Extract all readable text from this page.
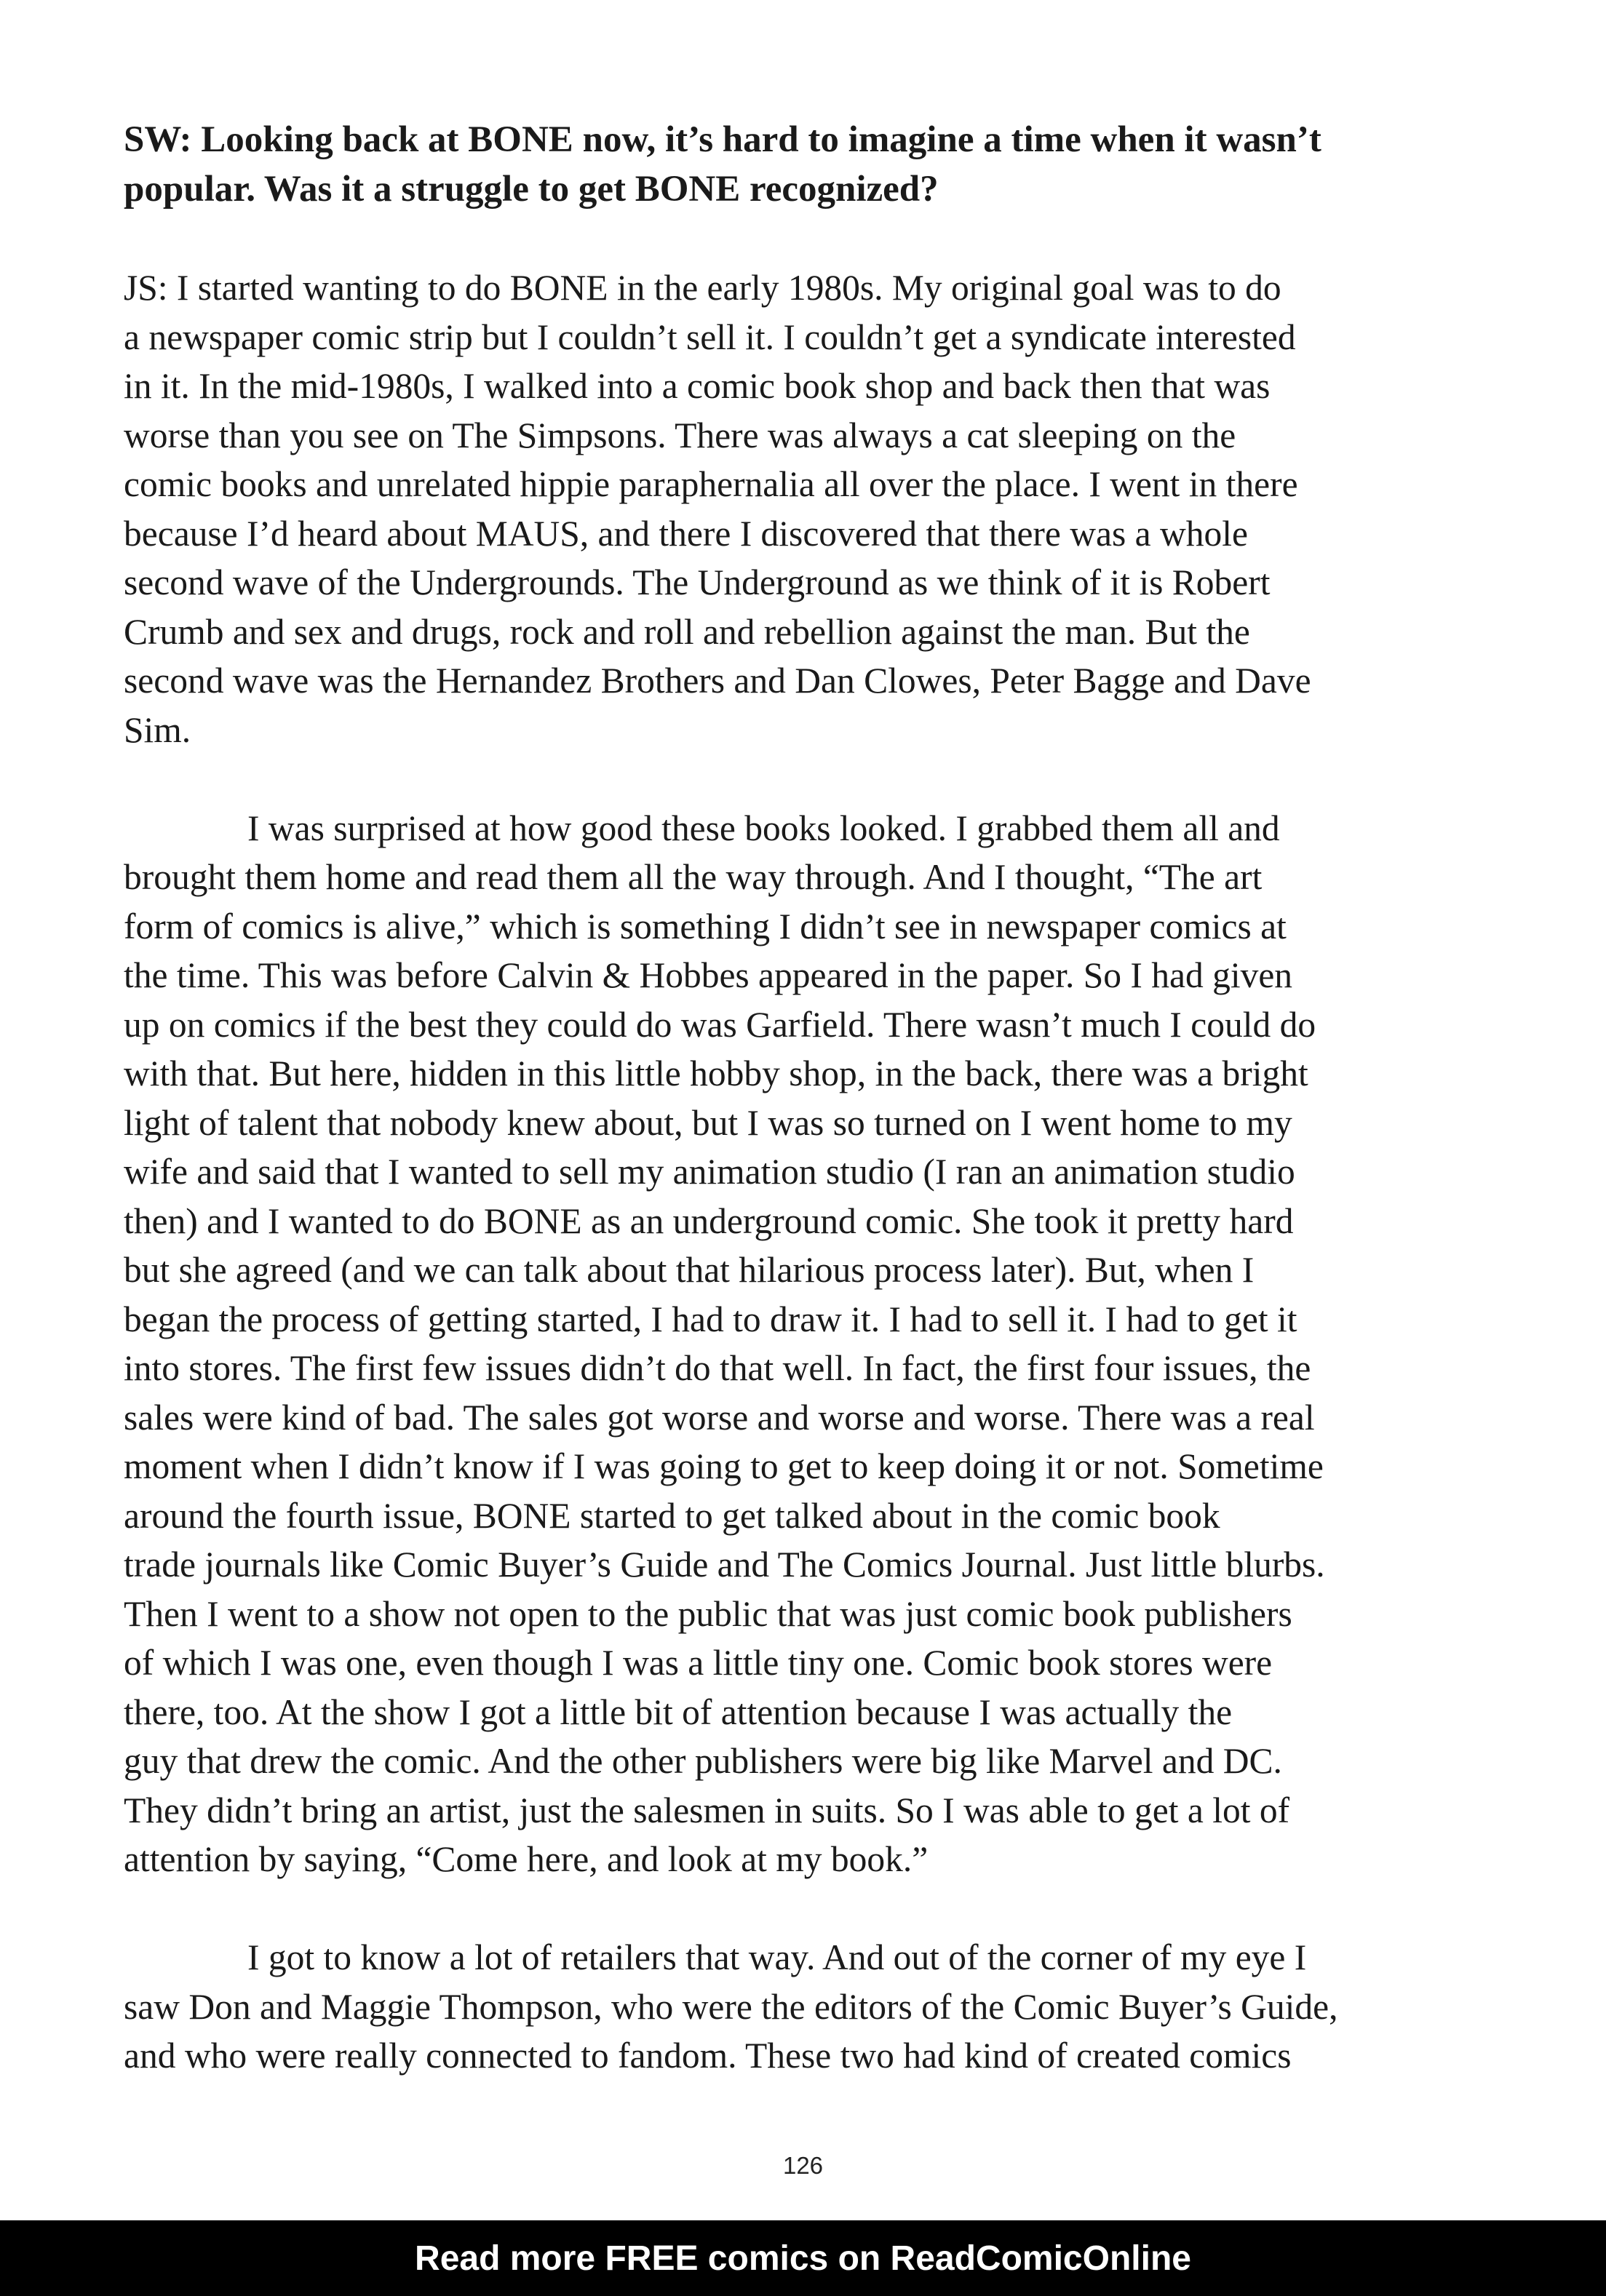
SW: Looking back at BONE now, it’s hard to imagine a time when it wasn’t
popular. Was it a struggle to get BONE recognized?
JS: I started wanting to do BONE in the early 1980s. My original goal was to do
a newspaper comic strip but I couldn’t sell it. I couldn’t get a syndicate interested
in it. In the mid-1980s, I walked into a comic book shop and back then that was
worse than you see on The Simpsons. There was always a cat sleeping on the
comic books and unrelated hippie paraphernalia all over the place. I went in there
because I’d heard about MAUS, and there I discovered that there was a whole
second wave of the Undergrounds. The Underground as we think of it is Robert
Crumb and sex and drugs, rock and roll and rebellion against the man. But the
second wave was the Hernandez Brothers and Dan Clowes, Peter Bagge and Dave
Sim.
I was surprised at how good these books looked. I grabbed them all and
brought them home and read them all the way through. And I thought, “The art
form of comics is alive,” which is something I didn’t see in newspaper comics at
the time. This was before Calvin & Hobbes appeared in the paper. So I had given
up on comics if the best they could do was Garfield. There wasn’t much I could do
with that. But here, hidden in this little hobby shop, in the back, there was a bright
light of talent that nobody knew about, but I was so turned on I went home to my
wife and said that I wanted to sell my animation studio (I ran an animation studio
then) and I wanted to do BONE as an underground comic. She took it pretty hard
but she agreed (and we can talk about that hilarious process later). But, when I
began the process of getting started, I had to draw it. I had to sell it. I had to get it
into stores. The first few issues didn’t do that well. In fact, the first four issues, the
sales were kind of bad. The sales got worse and worse and worse. There was a real
moment when I didn’t know if I was going to get to keep doing it or not. Sometime
around the fourth issue, BONE started to get talked about in the comic book
trade journals like Comic Buyer’s Guide and The Comics Journal. Just little blurbs.
Then I went to a show not open to the public that was just comic book publishers
of which I was one, even though I was a little tiny one. Comic book stores were
there, too. At the show I got a little bit of attention because I was actually the
guy that drew the comic. And the other publishers were big like Marvel and DC.
They didn’t bring an artist, just the salesmen in suits. So I was able to get a lot of
attention by saying, “Come here, and look at my book.”
I got to know a lot of retailers that way. And out of the corner of my eye I
saw Don and Maggie Thompson, who were the editors of the Comic Buyer’s Guide,
and who were really connected to fandom. These two had kind of created comics
126
Read more FREE comics on ReadComicOnline
